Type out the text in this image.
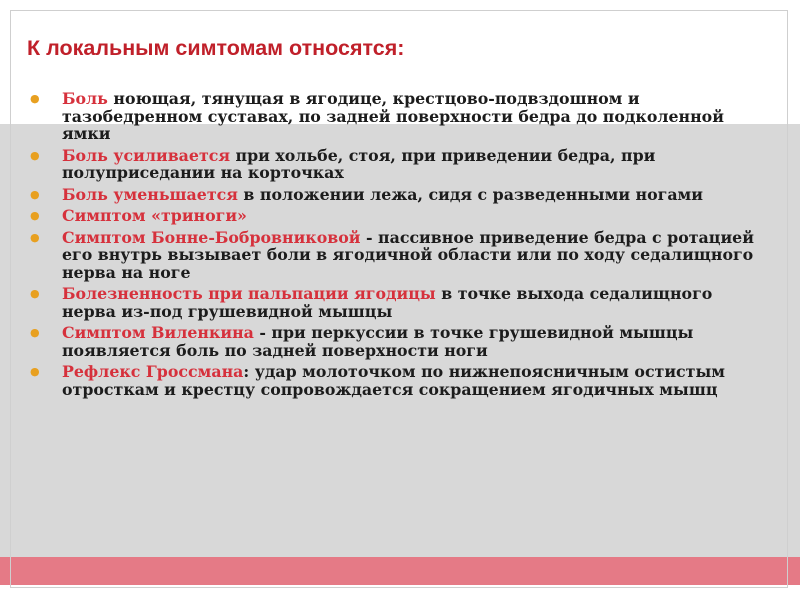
К локальным симтомам относятся:
● Боль ноющая, тянущая в ягодице, крестцово-подвздошном и тазобедренном суставах, по задней поверхности бедра до подколенной ямки
● Боль усиливается при хольбе, стоя, при приведении бедра, при полуприседании на корточках
● Боль уменьшается в положении лежа, сидя с разведенными ногами
● Симптом «триноги»
● Симптом Бонне-Бобровниковой - пассивное приведение бедра с ротацией его внутрь вызывает боли в ягодичной области или по ходу седалищного нерва на ноге
● Болезненность при пальпации ягодицы в точке выхода седалищного нерва из-под грушевидной мышцы
● Симптом Виленкина - при перкуссии в точке грушевидной мышцы появляется боль по задней поверхности ноги
● Рефлекс Гроссмана: удар молоточком по нижнепоясничным остистым отросткам и крестцу сопровождается сокращением ягодичных мышц
